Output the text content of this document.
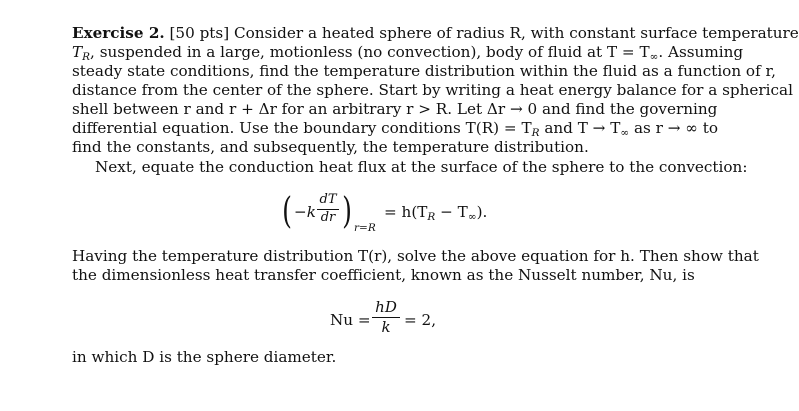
Exercise 2. [50 pts] Consider a heated sphere of radius R, with constant surface temperature
$T_R$, suspended in a large, motionless (no convection), body of fluid at T = T∞. Assuming
steady state conditions, find the temperature distribution within the fluid as a function of r,
distance from the center of the sphere. Start by writing a heat energy balance for a spherical
shell between r and r + Δr for an arbitrary r > R. Let Δr → 0 and find the governing
differential equation. Use the boundary conditions $T(R) = T_R$ and T → T∞ as r → ∞ to
find the constants, and subsequently, the temperature distribution.
Next, equate the conduction heat flux at the surface of the sphere to the convection:
( −k
dT
dr ) r=R
= $h(T_R - T\infty)$.
Having the temperature distribution T(r), solve the above equation for h. Then show that
the dimensionless heat transfer coefficient, known as the Nusselt number, Nu, is
Nu =
hD
k = 2,
in which D is the sphere diameter.
